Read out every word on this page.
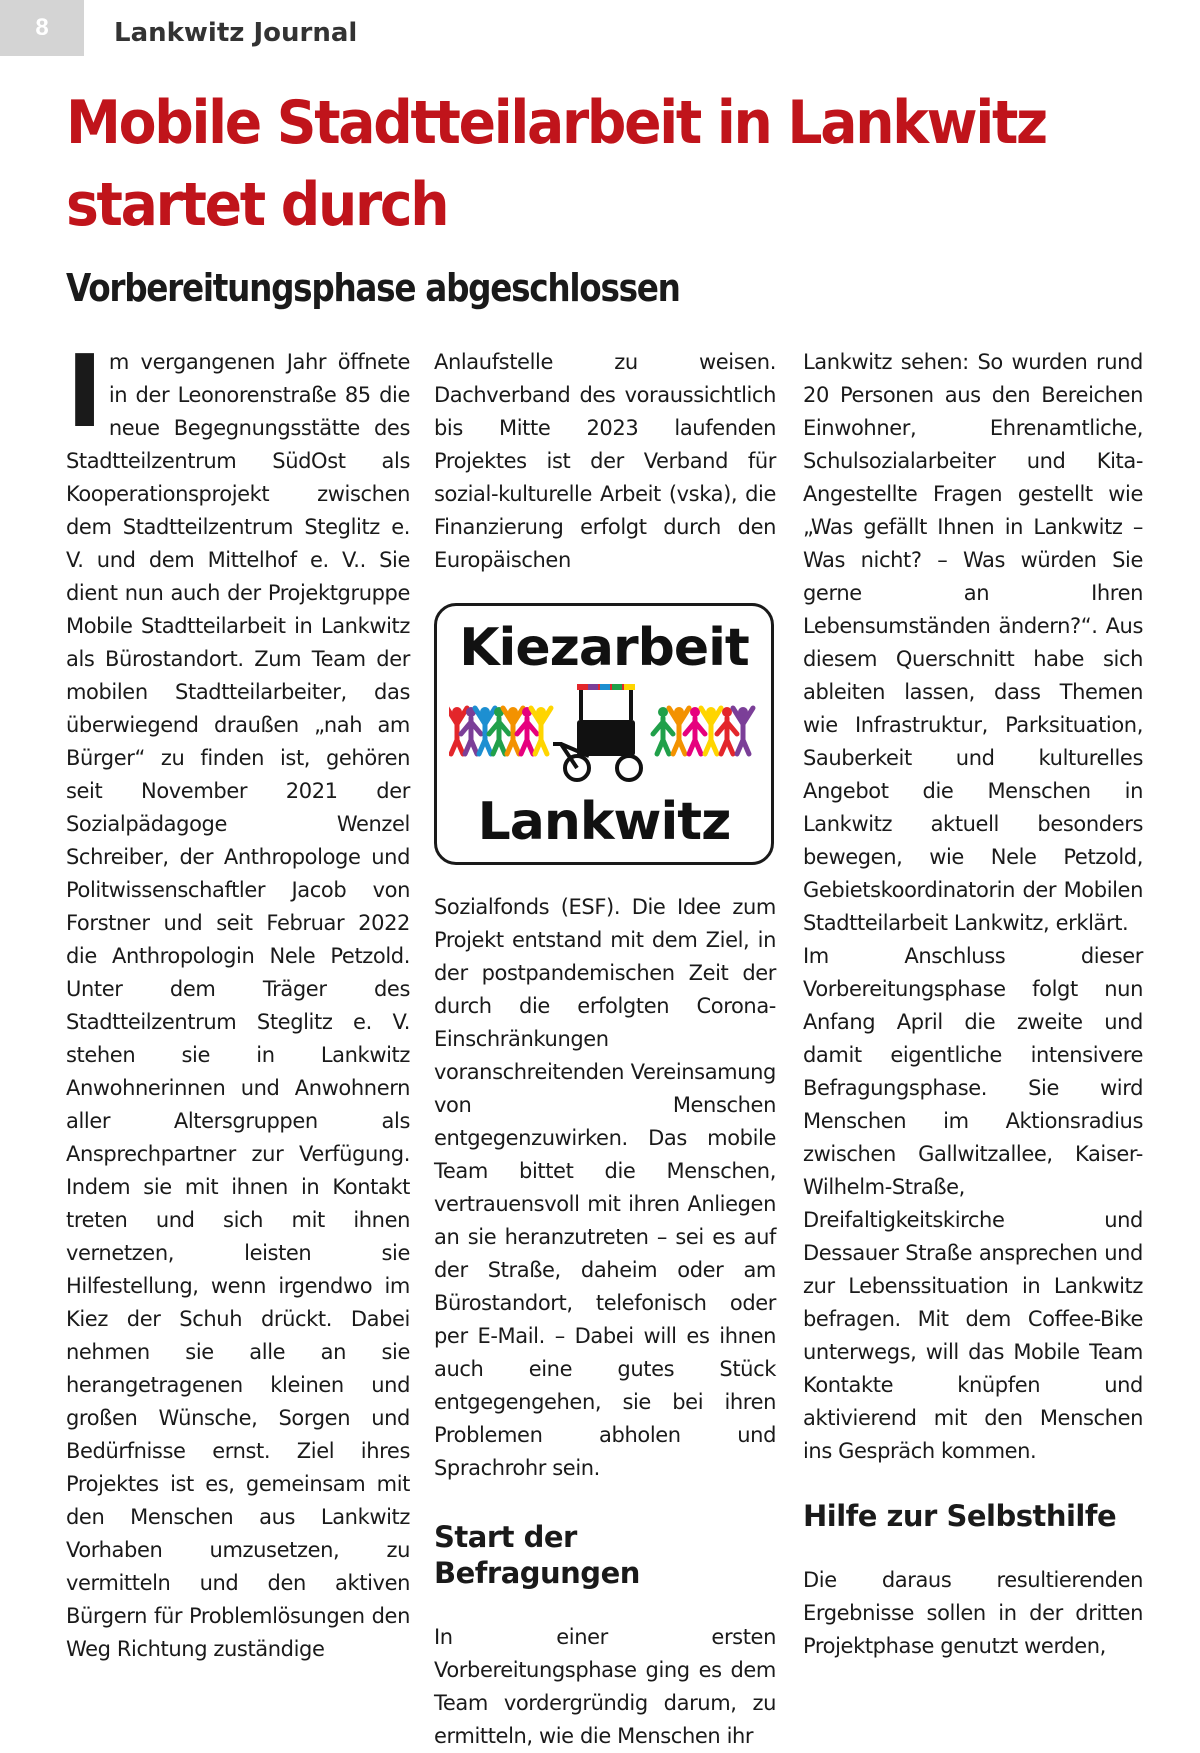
8	Lankwitz Journal
Mobile Stadtteilarbeit in Lankwitz startet durch
Vorbereitungsphase abgeschlossen

Im vergangenen Jahr öffnete in der Leonorenstraße 85 die neue Begegnungsstätte des Stadtteilzentrum SüdOst als Kooperationsprojekt zwischen dem Stadtteilzentrum Steglitz e. V. und dem Mittelhof e. V.. Sie dient nun auch der Projektgruppe Mobile Stadtteilarbeit in Lankwitz als Bürostandort. Zum Team der mobilen Stadtteilarbeiter, das überwiegend draußen „nah am Bürger“ zu finden ist, gehören seit November 2021 der Sozialpädagoge Wenzel Schreiber, der Anthropologe und Politwissenschaftler Jacob von Forstner und seit Februar 2022 die Anthropologin Nele Petzold. Unter dem Träger des Stadtteilzentrum Steglitz e. V. stehen sie in Lankwitz Anwohnerinnen und Anwohnern aller Altersgruppen als Ansprechpartner zur Verfügung. Indem sie mit ihnen in Kontakt treten und sich mit ihnen vernetzen, leisten sie Hilfestellung, wenn irgendwo im Kiez der Schuh drückt. Dabei nehmen sie alle an sie herangetragenen kleinen und großen Wünsche, Sorgen und Bedürfnisse ernst. Ziel ihres Projektes ist es, gemeinsam mit den Menschen aus Lankwitz Vorhaben umzusetzen, zu vermitteln und den aktiven Bürgern für Problemlösungen den Weg Richtung zuständige

Anlaufstelle zu weisen. Dachverband des voraussichtlich bis Mitte 2023 laufenden Projektes ist der Verband für sozial-kulturelle Arbeit (vska), die Finanzierung erfolgt durch den Europäischen

Kiezarbeit
Lankwitz

Sozialfonds (ESF). Die Idee zum Projekt entstand mit dem Ziel, in der postpandemischen Zeit der durch die erfolgten Corona-Einschränkungen voranschreitenden Vereinsamung von Menschen entgegenzuwirken. Das mobile Team bittet die Menschen, vertrauensvoll mit ihren Anliegen an sie heranzutreten – sei es auf der Straße, daheim oder am Bürostandort, telefonisch oder per E-Mail. – Dabei will es ihnen auch eine gutes Stück entgegengehen, sie bei ihren Problemen abholen und Sprachrohr sein.

Start der Befragungen

In einer ersten Vorbereitungsphase ging es dem Team vordergründig darum, zu ermitteln, wie die Menschen ihr

Lankwitz sehen: So wurden rund 20 Personen aus den Bereichen Einwohner, Ehrenamtliche, Schulsozialarbeiter und Kita-Angestellte Fragen gestellt wie „Was gefällt Ihnen in Lankwitz – Was nicht? – Was würden Sie gerne an Ihren Lebensumständen ändern?“. Aus diesem Querschnitt habe sich ableiten lassen, dass Themen wie Infrastruktur, Parksituation, Sauberkeit und kulturelles Angebot die Menschen in Lankwitz aktuell besonders bewegen, wie Nele Petzold, Gebietskoordinatorin der Mobilen Stadtteilarbeit Lankwitz, erklärt.

Im Anschluss dieser Vorbereitungsphase folgt nun Anfang April die zweite und damit eigentliche intensivere Befragungsphase. Sie wird Menschen im Aktionsradius zwischen Gallwitzallee, Kaiser-Wilhelm-Straße, Dreifaltigkeitskirche und Dessauer Straße ansprechen und zur Lebenssituation in Lankwitz befragen. Mit dem Coffee-Bike unterwegs, will das Mobile Team Kontakte knüpfen und aktivierend mit den Menschen ins Gespräch kommen.

Hilfe zur Selbsthilfe

Die daraus resultierenden Ergebnisse sollen in der dritten Projektphase genutzt werden,
